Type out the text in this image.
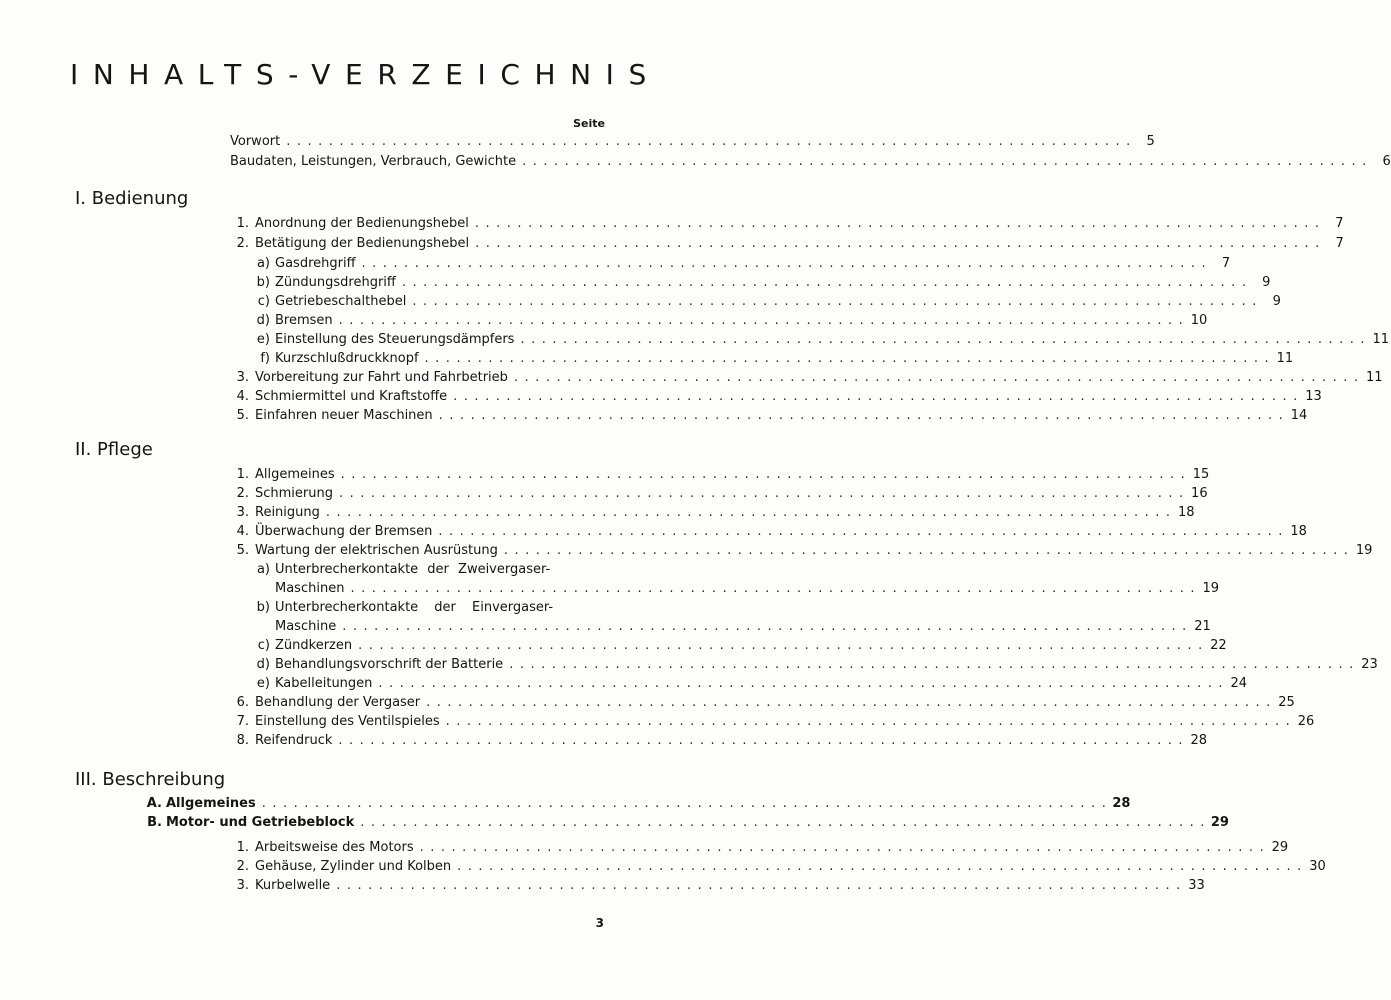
INHALTS-VERZEICHNIS
Seite
Vorwort ................................................................................ 5
Baudaten, Leistungen, Verbrauch, Gewichte ................................................................................ 6
I. Bedienung
1. Anordnung der Bedienungshebel ................................................................................ 7
2. Betätigung der Bedienungshebel ................................................................................ 7
a) Gasdrehgriff ................................................................................ 7
b) Zündungsdrehgriff ................................................................................ 9
c) Getriebeschalthebel ................................................................................ 9
d) Bremsen ................................................................................ 10
e) Einstellung des Steuerungsdämpfers ................................................................................ 11
f) Kurzschlußdruckknopf ................................................................................ 11
3. Vorbereitung zur Fahrt und Fahrbetrieb ................................................................................ 11
4. Schmiermittel und Kraftstoffe ................................................................................ 13
5. Einfahren neuer Maschinen ................................................................................ 14
II. Pflege
1. Allgemeines ................................................................................ 15
2. Schmierung ................................................................................ 16
3. Reinigung ................................................................................ 18
4. Überwachung der Bremsen ................................................................................ 18
5. Wartung der elektrischen Ausrüstung ................................................................................ 19
a) Unterbrecherkontakte der Zweivergaser-
Maschinen ................................................................................ 19
b) Unterbrecherkontakte der Einvergaser-
Maschine ................................................................................ 21
c) Zündkerzen ................................................................................ 22
d) Behandlungsvorschrift der Batterie ................................................................................ 23
e) Kabelleitungen ................................................................................ 24
6. Behandlung der Vergaser ................................................................................ 25
7. Einstellung des Ventilspieles ................................................................................ 26
8. Reifendruck ................................................................................ 28
III. Beschreibung
A. Allgemeines ................................................................................ 28
B. Motor- und Getriebeblock ................................................................................ 29
1. Arbeitsweise des Motors ................................................................................ 29
2. Gehäuse, Zylinder und Kolben ................................................................................ 30
3. Kurbelwelle ................................................................................ 33
3
